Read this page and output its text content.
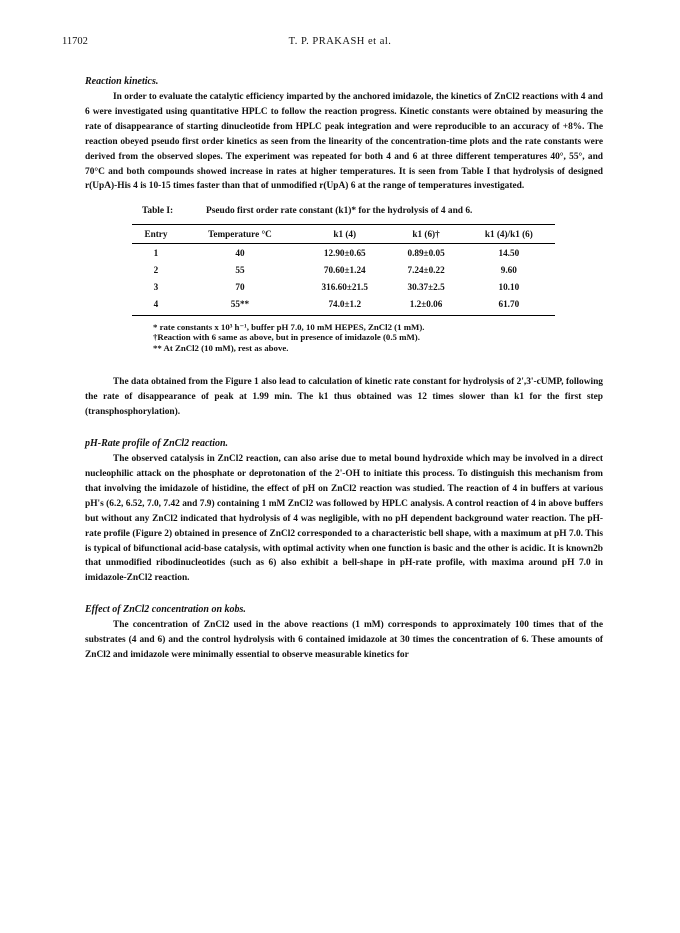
11702	T. P. PRAKASH et al.
Reaction kinetics.

In order to evaluate the catalytic efficiency imparted by the anchored imidazole, the kinetics of ZnCl2 reactions with 4 and 6 were investigated using quantitative HPLC to follow the reaction progress. Kinetic constants were obtained by measuring the rate of disappearance of starting dinucleotide from HPLC peak integration and were reproducible to an accuracy of +8%. The reaction obeyed pseudo first order kinetics as seen from the linearity of the concentration-time plots and the rate constants were derived from the observed slopes. The experiment was repeated for both 4 and 6 at three different temperatures 40°, 55°, and 70°C and both compounds showed increase in rates at higher temperatures. It is seen from Table I that hydrolysis of designed r(UpA)-His 4 is 10-15 times faster than that of unmodified r(UpA) 6 at the range of temperatures investigated.

Table I:	Pseudo first order rate constant (k1)* for the hydrolysis of 4 and 6.
Entry	Temperature °C	k1 (4)	k1 (6)†	k1 (4)/k1 (6)
1	40	12.90±0.65	0.89±0.05	14.50
2	55	70.60±1.24	7.24±0.22	9.60
3	70	316.60±21.5	30.37±2.5	10.10
4	55**	74.0±1.2	1.2±0.06	61.70
* rate constants x 10³ h⁻¹, buffer pH 7.0, 10 mM HEPES, ZnCl2 (1 mM).
†Reaction with 6 same as above, but in presence of imidazole (0.5 mM).
** At ZnCl2 (10 mM), rest as above.

The data obtained from the Figure 1 also lead to calculation of kinetic rate constant for hydrolysis of 2',3'-cUMP, following the rate of disappearance of peak at 1.99 min. The k1 thus obtained was 12 times slower than k1 for the first step (transphosphorylation).

pH-Rate profile of ZnCl2 reaction.

The observed catalysis in ZnCl2 reaction, can also arise due to metal bound hydroxide which may be involved in a direct nucleophilic attack on the phosphate or deprotonation of the 2'-OH to initiate this process. To distinguish this mechanism from that involving the imidazole of histidine, the effect of pH on ZnCl2 reaction was studied. The reaction of 4 in buffers at various pH's (6.2, 6.52, 7.0, 7.42 and 7.9) containing 1 mM ZnCl2 was followed by HPLC analysis. A control reaction of 4 in above buffers but without any ZnCl2 indicated that hydrolysis of 4 was negligible, with no pH dependent background water reaction. The pH-rate profile (Figure 2) obtained in presence of ZnCl2 corresponded to a characteristic bell shape, with a maximum at pH 7.0. This is typical of bifunctional acid-base catalysis, with optimal activity when one function is basic and the other is acidic. It is known2b that unmodified ribodinucleotides (such as 6) also exhibit a bell-shape in pH-rate profile, with maxima around pH 7.0 in imidazole-ZnCl2 reaction.

Effect of ZnCl2 concentration on kobs.

The concentration of ZnCl2 used in the above reactions (1 mM) corresponds to approximately 100 times that of the substrates (4 and 6) and the control hydrolysis with 6 contained imidazole at 30 times the concentration of 6. These amounts of ZnCl2 and imidazole were minimally essential to observe measurable kinetics for
